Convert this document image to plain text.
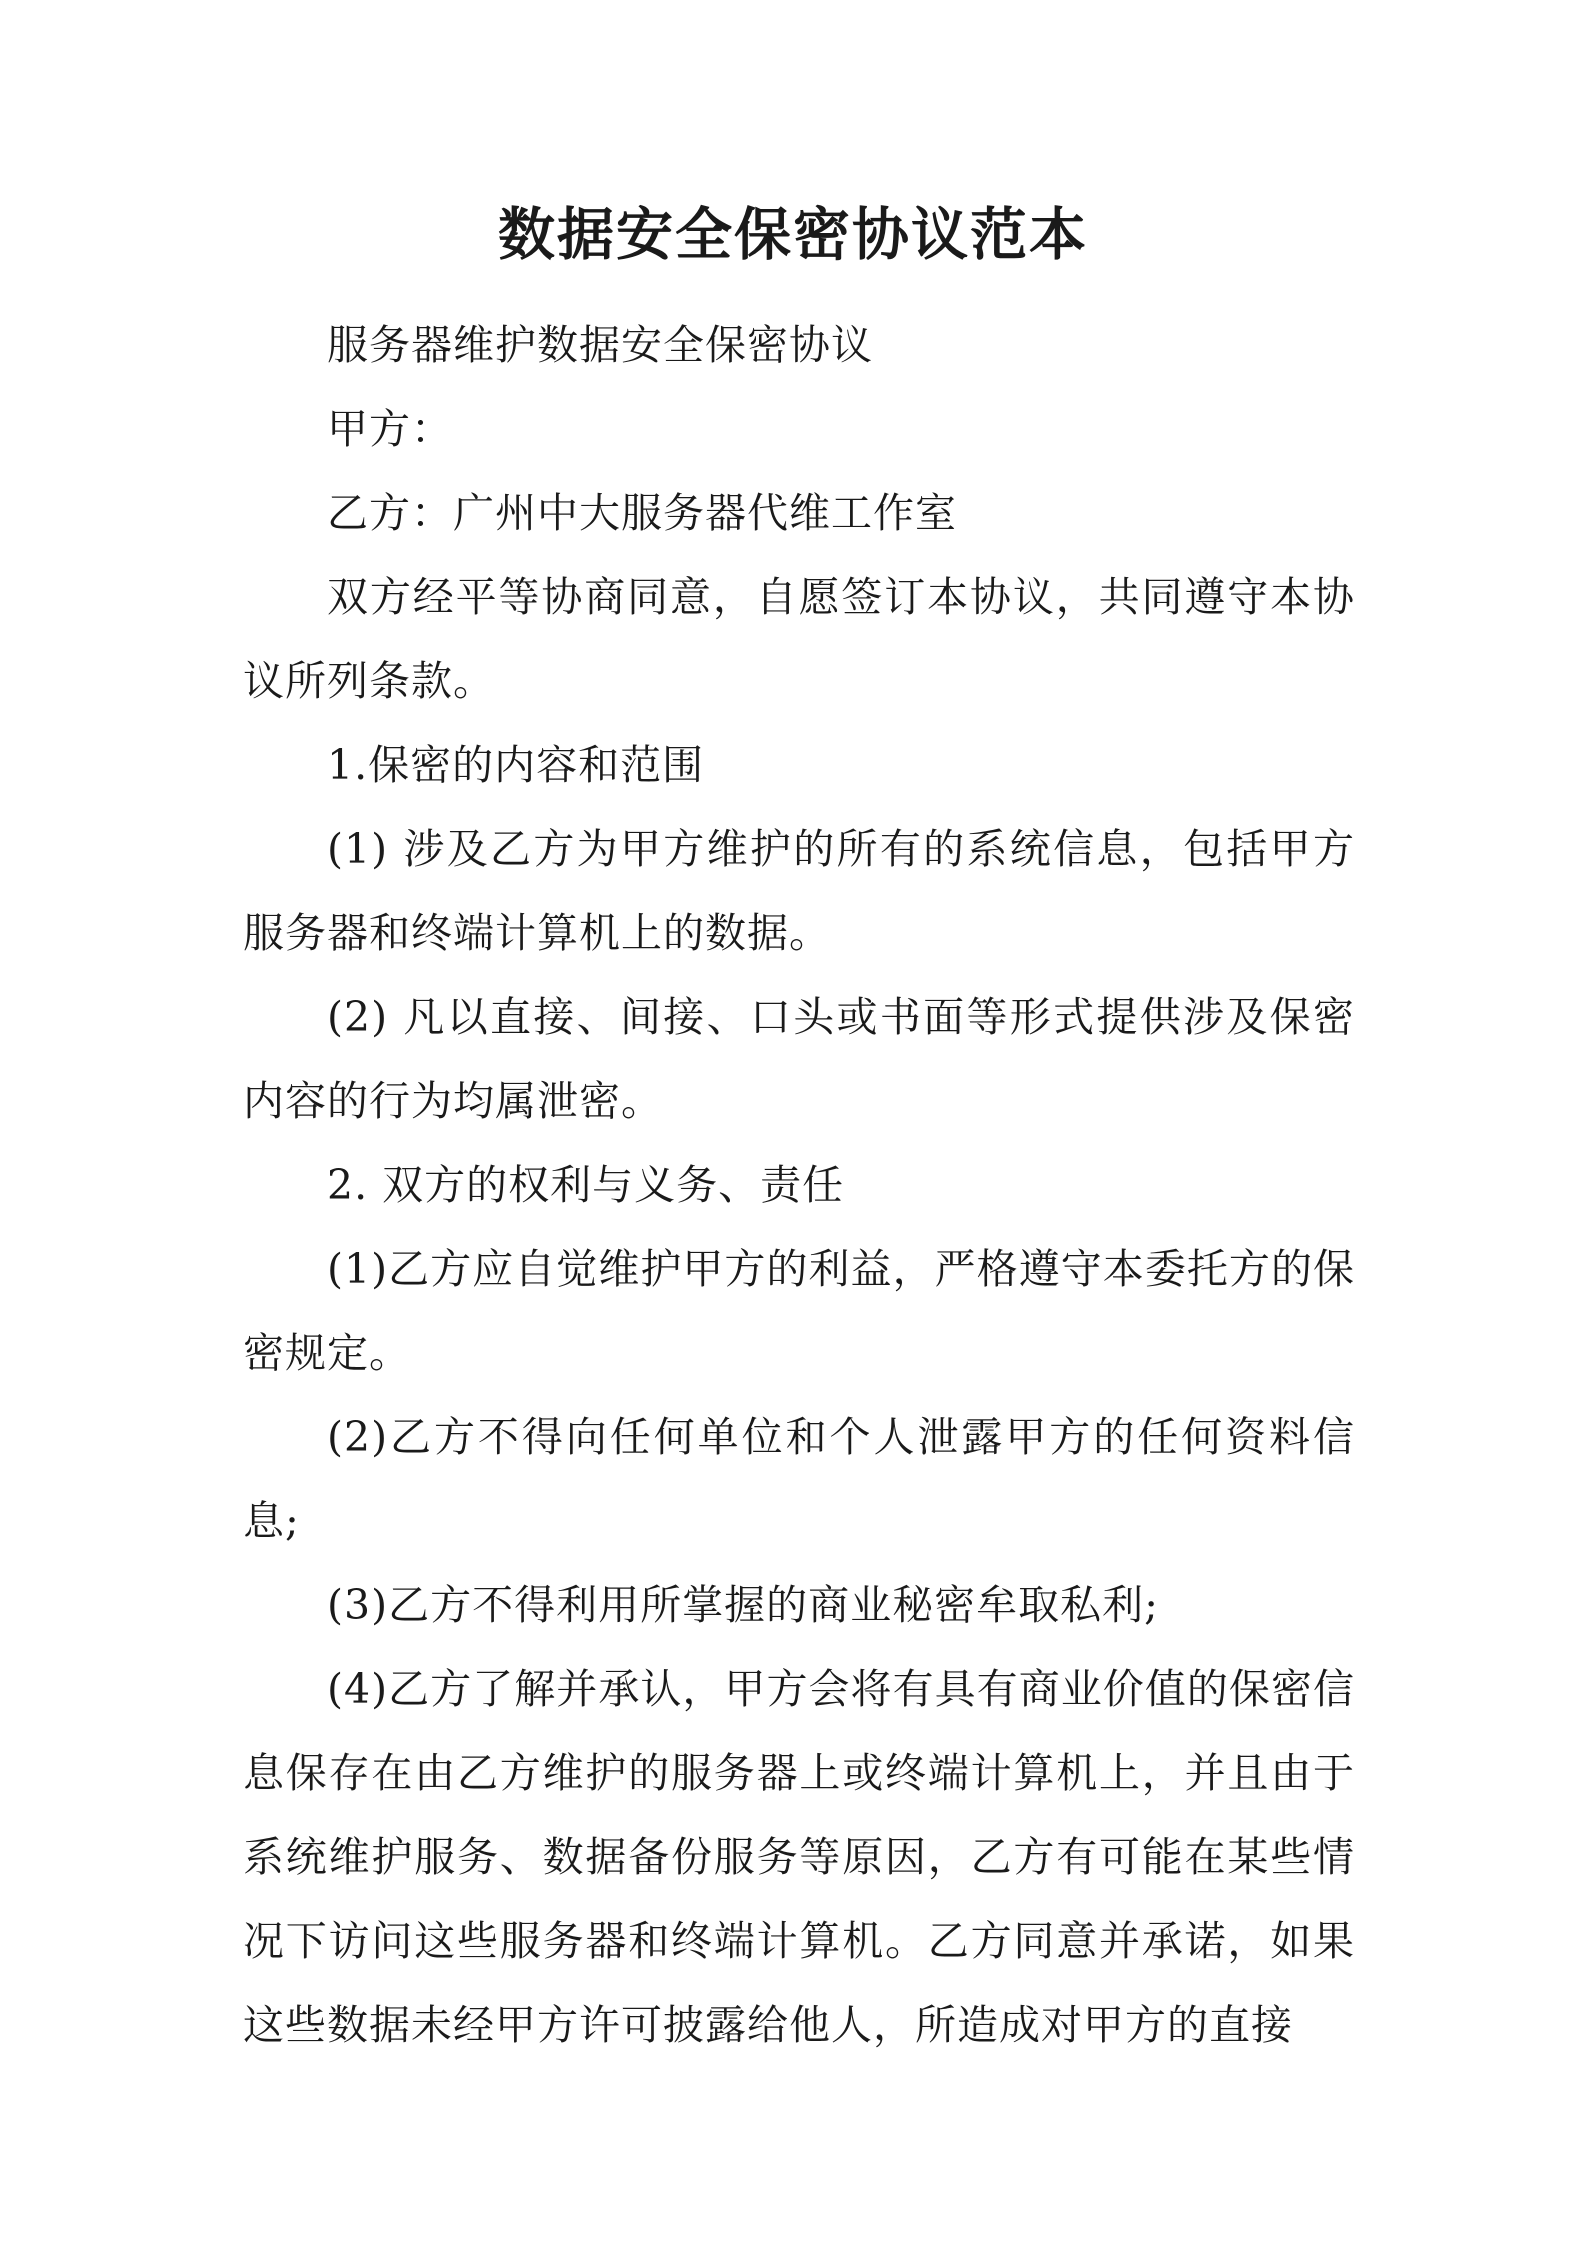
数据安全保密协议范本

服务器维护数据安全保密协议

甲方：

乙方：广州中大服务器代维工作室

双方经平等协商同意，自愿签订本协议，共同遵守本协议所列条款。

1.保密的内容和范围

(1) 涉及乙方为甲方维护的所有的系统信息，包括甲方服务器和终端计算机上的数据。

(2) 凡以直接、间接、口头或书面等形式提供涉及保密内容的行为均属泄密。

2. 双方的权利与义务、责任

(1)乙方应自觉维护甲方的利益，严格遵守本委托方的保密规定。

(2)乙方不得向任何单位和个人泄露甲方的任何资料信息;

(3)乙方不得利用所掌握的商业秘密牟取私利;

(4)乙方了解并承认，甲方会将有具有商业价值的保密信息保存在由乙方维护的服务器上或终端计算机上，并且由于系统维护服务、数据备份服务等原因，乙方有可能在某些情况下访问这些服务器和终端计算机。乙方同意并承诺，如果这些数据未经甲方许可披露给他人，所造成对甲方的直接
